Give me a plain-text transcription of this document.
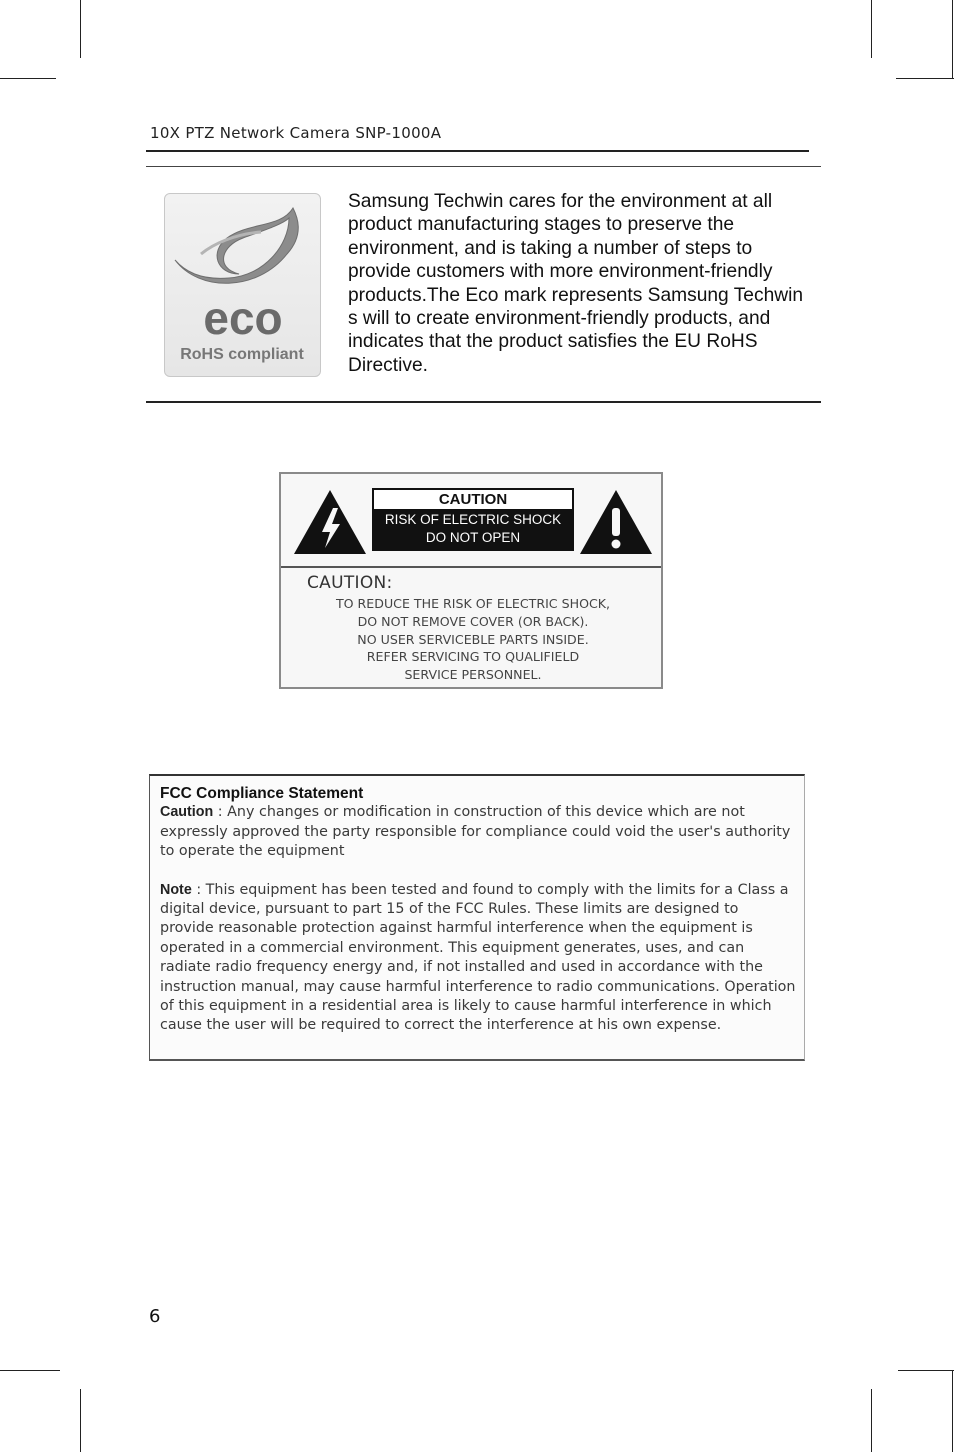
10X PTZ Network Camera SNP-1000A
eco
RoHS compliant
Samsung Techwin cares for the environment at all product manufacturing stages to preserve the environment, and is taking a number of steps to provide customers with more environment-friendly products.The Eco mark represents Samsung Techwin s will to create environment-friendly products, and indicates that the product satisfies the EU RoHS Directive.
CAUTION
RISK OF ELECTRIC SHOCK
DO NOT OPEN
CAUTION:
TO REDUCE THE RISK OF ELECTRIC SHOCK,
DO NOT REMOVE COVER (OR BACK).
NO USER SERVICEBLE PARTS INSIDE.
REFER SERVICING TO QUALIFIELD
SERVICE PERSONNEL.
FCC Compliance Statement
Caution : Any changes or modification in construction of this device which are not expressly approved the party responsible for compliance could void the user's authority to operate the equipment
Note : This equipment has been tested and found to comply with the limits for a Class a digital device, pursuant to part 15 of the FCC Rules. These limits are designed to provide reasonable protection against harmful interference when the equipment is operated in a commercial environment. This equipment generates, uses, and can radiate radio frequency energy and, if not installed and used in accordance with the instruction manual, may cause harmful interference to radio communications. Operation of this equipment in a residential area is likely to cause harmful interference in which cause the user will be required to correct the interference at his own expense.
6
